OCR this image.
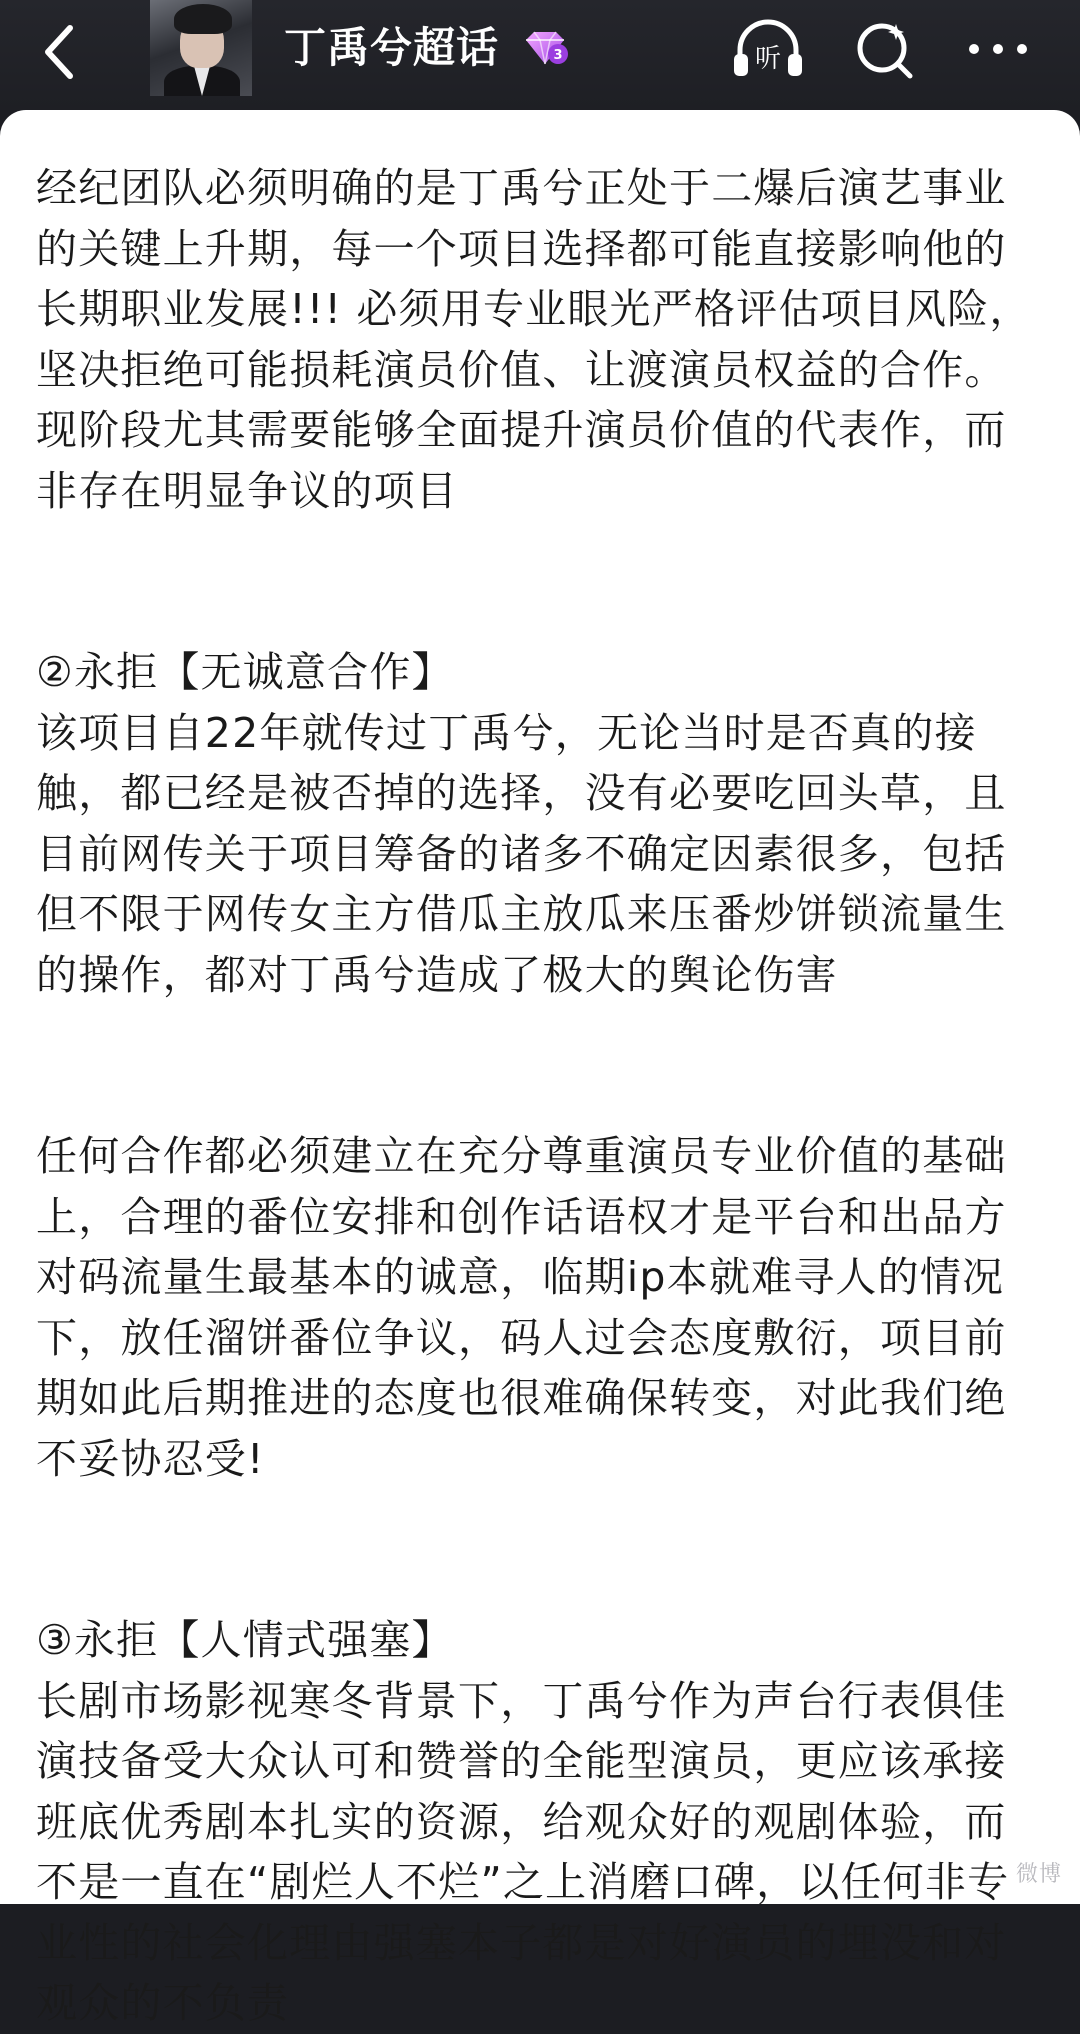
丁禹兮超话	3	听

经纪团队必须明确的是丁禹兮正处于二爆后演艺事业的关键上升期，每一个项目选择都可能直接影响他的长期职业发展!!! 必须用专业眼光严格评估项目风险，坚决拒绝可能损耗演员价值、让渡演员权益的合作。现阶段尤其需要能够全面提升演员价值的代表作，而非存在明显争议的项目

②永拒【无诚意合作】

该项目自22年就传过丁禹兮，无论当时是否真的接触，都已经是被否掉的选择，没有必要吃回头草，且目前网传关于项目筹备的诸多不确定因素很多，包括但不限于网传女主方借瓜主放瓜来压番炒饼锁流量生的操作，都对丁禹兮造成了极大的舆论伤害

任何合作都必须建立在充分尊重演员专业价值的基础上，合理的番位安排和创作话语权才是平台和出品方对码流量生最基本的诚意，临期ip本就难寻人的情况下，放任溜饼番位争议，码人过会态度敷衍，项目前期如此后期推进的态度也很难确保转变，对此我们绝不妥协忍受!

③永拒【人情式强塞】

长剧市场影视寒冬背景下，丁禹兮作为声台行表俱佳演技备受大众认可和赞誉的全能型演员，更应该承接班底优秀剧本扎实的资源，给观众好的观剧体验，而不是一直在“剧烂人不烂”之上消磨口碑，以任何非专业性的社会化理由强塞本子都是对好演员的埋没和对观众的不负责

微博
